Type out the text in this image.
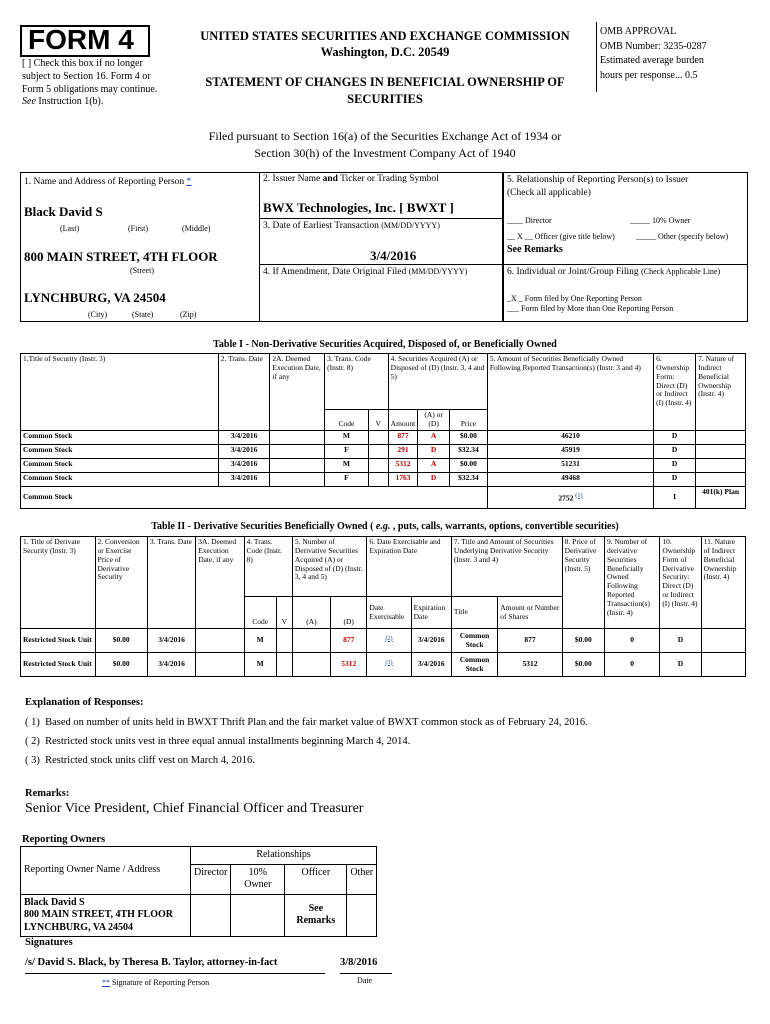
FORM 4
[ ] Check this box if no longer subject to Section 16. Form 4 or Form 5 obligations may continue. See Instruction 1(b).
UNITED STATES SECURITIES AND EXCHANGE COMMISSION
Washington, D.C. 20549
STATEMENT OF CHANGES IN BENEFICIAL OWNERSHIP OF
SECURITIES
OMB APPROVAL
OMB Number: 3235-0287
Estimated average burden
hours per response... 0.5
Filed pursuant to Section 16(a) of the Securities Exchange Act of 1934 or
Section 30(h) of the Investment Company Act of 1940
1. Name and Address of Reporting Person *
Black David S
(Last)	(First)	(Middle)
800 MAIN STREET, 4TH FLOOR
(Street)
LYNCHBURG, VA 24504
(City)	(State)	(Zip)
2. Issuer Name and Ticker or Trading Symbol
BWX Technologies, Inc. [ BWXT ]
3. Date of Earliest Transaction (MM/DD/YYYY)
3/4/2016
4. If Amendment, Date Original Filed (MM/DD/YYYY)
5. Relationship of Reporting Person(s) to Issuer
(Check all applicable)
____ Director	_____ 10% Owner
__ X __ Officer (give title below)	_____ Other (specify below)
See Remarks
6. Individual or Joint/Group Filing (Check Applicable Line)
_X _ Form filed by One Reporting Person
___ Form filed by More than One Reporting Person
Table I - Non-Derivative Securities Acquired, Disposed of, or Beneficially Owned
1.Title of Security (Instr. 3)	2. Trans. Date	2A. Deemed Execution Date, if any	3. Trans. Code (Instr. 8)		4. Securities Acquired (A) or Disposed of (D) (Instr. 3, 4 and 5)			5. Amount of Securities Beneficially Owned Following Reported Transaction(s) (Instr. 3 and 4)	6. Ownership Form: Direct (D) or Indirect (I) (Instr. 4)	7. Nature of Indirect Beneficial Ownership (Instr. 4)
			Code	V	Amount	(A) or (D)	Price			
Common Stock	3/4/2016		M		877	A	$0.00	46210	D	
Common Stock	3/4/2016		F		291	D	$32.34	45919	D	
Common Stock	3/4/2016		M		5312	A	$0.00	51231	D	
Common Stock	3/4/2016		F		1763	D	$32.34	49468	D	
Common Stock								2752 $^{(1)}$	I	401(k) Plan
Table II - Derivative Securities Beneficially Owned ( e.g. , puts, calls, warrants, options, convertible securities)
1. Title of Derivate Security (Instr. 3)	2. Conversion or Exercise Price of Derivative Security	3. Trans. Date	3A. Deemed Execution Date, if any	4. Trans. Code (Instr. 8)		5. Number of Derivative Securities Acquired (A) or Disposed of (D) (Instr. 3, 4 and 5)		6. Date Exercisable and Expiration Date		7. Title and Amount of Securities Underlying Derivative Security (Instr. 3 and 4)		8. Price of Derivative Security (Instr. 5)	9. Number of derivative Securities Beneficially Owned Following Reported Transaction(s) (Instr. 4)	10. Ownership Form of Derivative Security: Direct (D) or Indirect (I) (Instr. 4)	11. Nature of Indirect Beneficial Ownership (Instr. 4)
				Code	V	(A)	(D)	Date Exercisable	Expiration Date	Title	Amount or Number of Shares				
Restricted Stock Unit	$0.00	3/4/2016		M			877	$^{(2)}$	3/4/2016	Common Stock	877	$0.00	0	D	
Restricted Stock Unit	$0.00	3/4/2016		M			5312	$^{(3)}$	3/4/2016	Common Stock	5312	$0.00	0	D	
Explanation of Responses:
( 1) Based on number of units held in BWXT Thrift Plan and the fair market value of BWXT common stock as of February 24, 2016.
( 2) Restricted stock units vest in three equal annual installments beginning March 4, 2014.
( 3) Restricted stock units cliff vest on March 4, 2016.
Remarks:
Senior Vice President, Chief Financial Officer and Treasurer
Reporting Owners
Reporting Owner Name / Address	Relationships			
	Director	10% Owner	Officer	Other

Black David S
800 MAIN STREET, 4TH FLOOR
LYNCHBURG, VA 24504			See Remarks	
Signatures
/s/ David S. Black, by Theresa B. Taylor, attorney-in-fact	3/8/2016
** Signature of Reporting Person	Date
